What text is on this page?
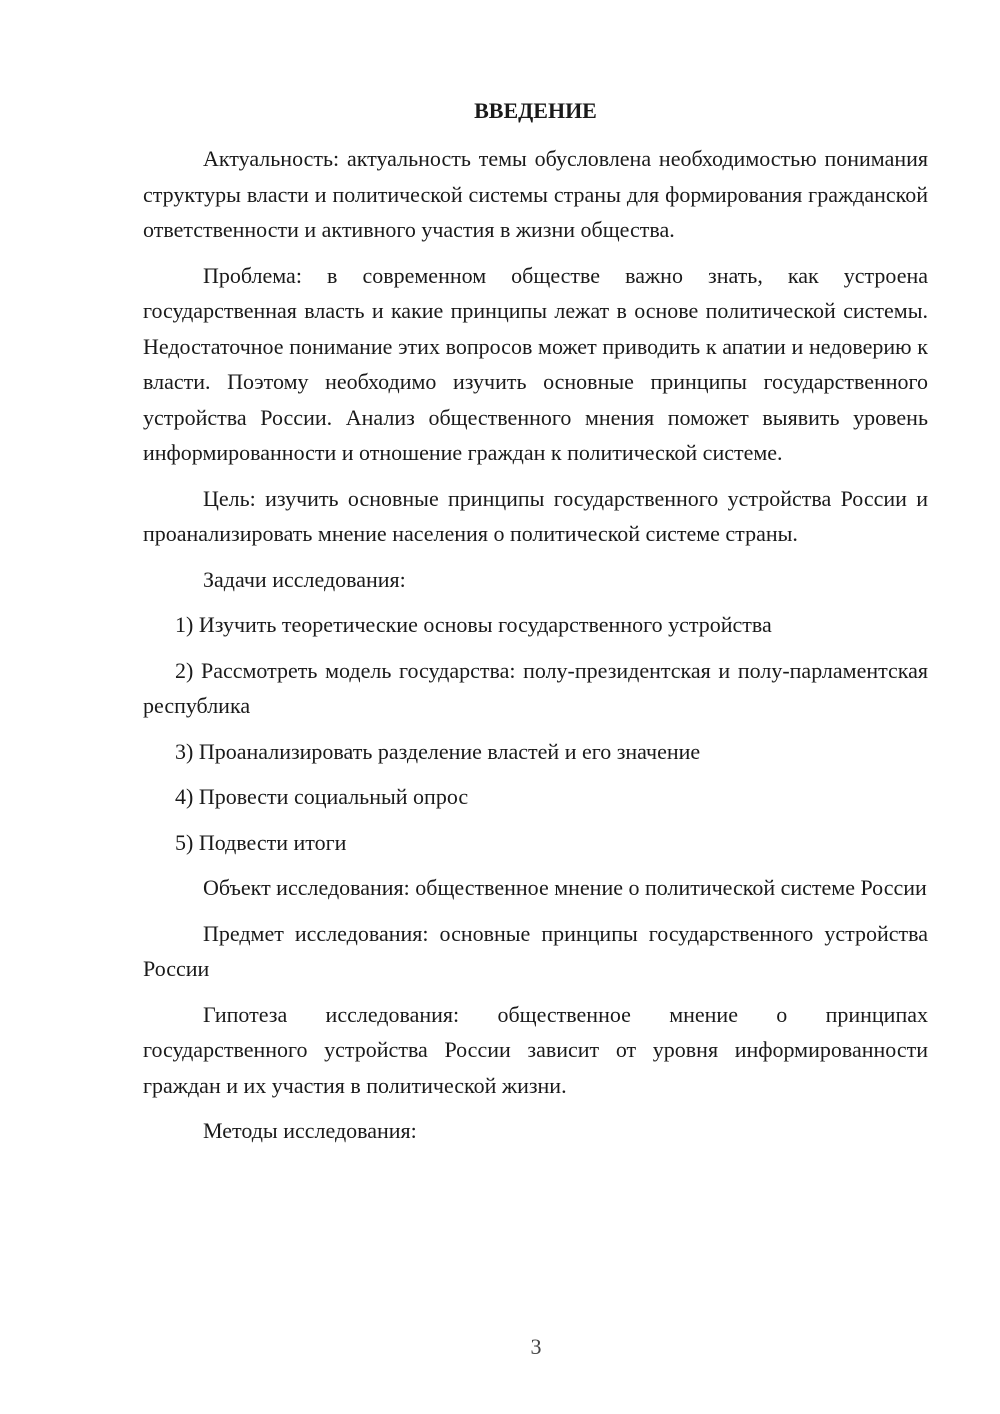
ВВЕДЕНИЕ

Актуальность: актуальность темы обусловлена необходимостью понимания структуры власти и политической системы страны для формирования гражданской ответственности и активного участия в жизни общества.

Проблема: в современном обществе важно знать, как устроена государственная власть и какие принципы лежат в основе политической системы. Недостаточное понимание этих вопросов может приводить к апатии и недоверию к власти. Поэтому необходимо изучить основные принципы государственного устройства России. Анализ общественного мнения поможет выявить уровень информированности и отношение граждан к политической системе.

Цель: изучить основные принципы государственного устройства России и проанализировать мнение населения о политической системе страны.

Задачи исследования:

1) Изучить теоретические основы государственного устройства

2) Рассмотреть модель государства: полу-президентская и полу-парламентская республика

3) Проанализировать разделение властей и его значение

4) Провести социальный опрос

5) Подвести итоги

Объект исследования: общественное мнение о политической системе России

Предмет исследования: основные принципы государственного устройства России

Гипотеза исследования: общественное мнение о принципах государственного устройства России зависит от уровня информированности граждан и их участия в политической жизни.

Методы исследования:

3
